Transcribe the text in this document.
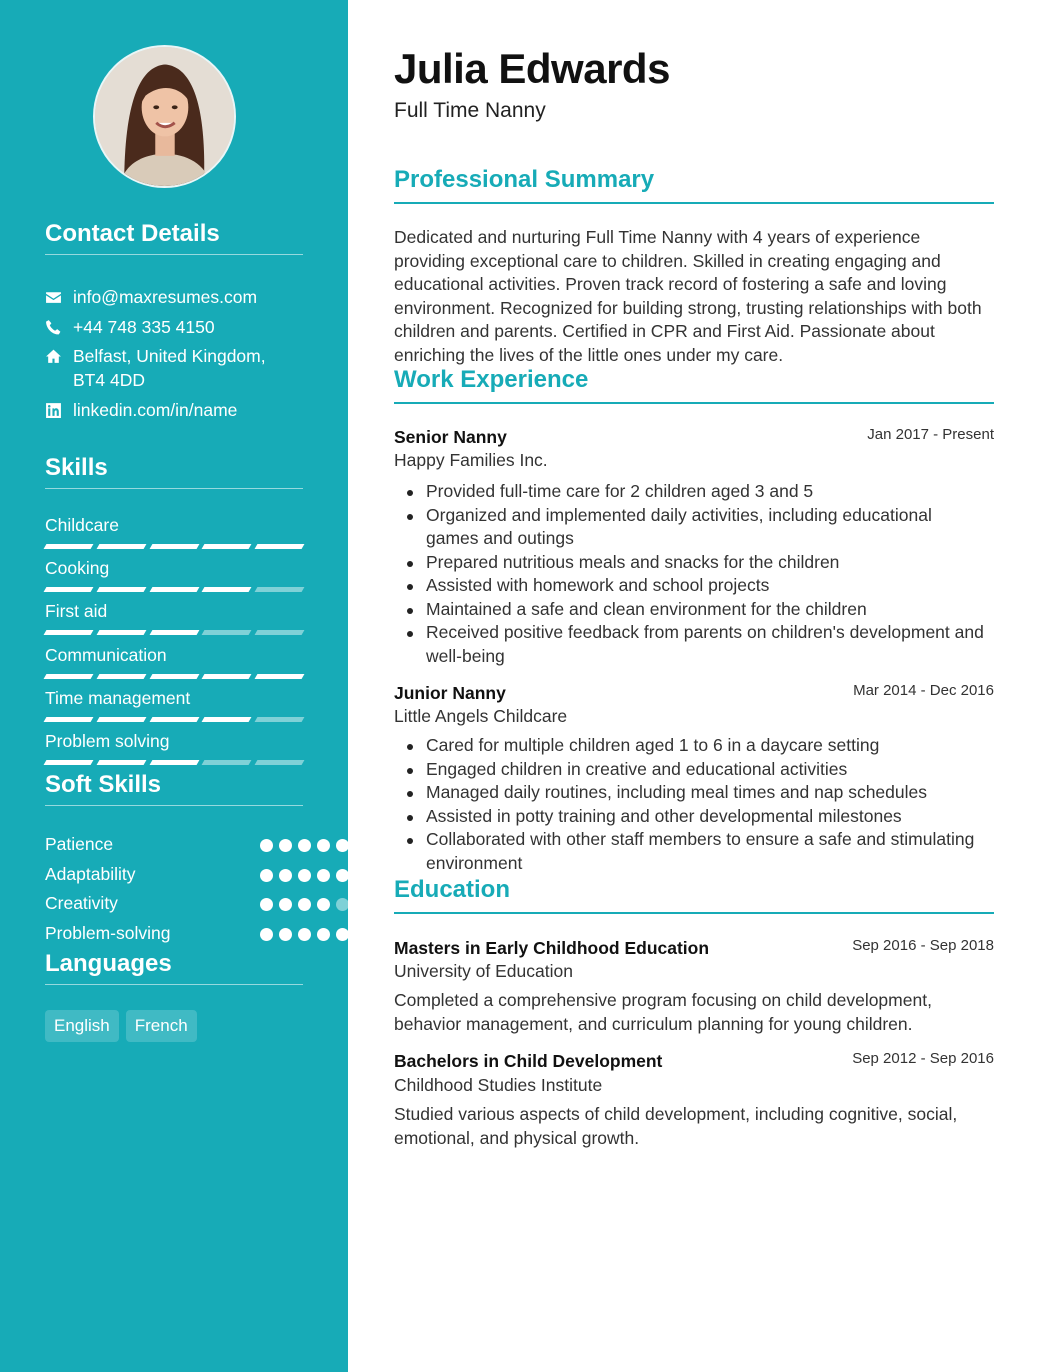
Contact Details
info@maxresumes.com
+44 748 335 4150
Belfast, United Kingdom,
BT4 4DD
linkedin.com/in/name
Skills
Childcare
Cooking
First aid
Communication
Time management
Problem solving
Soft Skills
Patience
Adaptability
Creativity
Problem-solving
Languages
English	French
Julia Edwards
Full Time Nanny
Professional Summary
Dedicated and nurturing Full Time Nanny with 4 years of experience providing exceptional care to children. Skilled in creating engaging and educational activities. Proven track record of fostering a safe and loving environment. Recognized for building strong, trusting relationships with both children and parents. Certified in CPR and First Aid. Passionate about enriching the lives of the little ones under my care.
Work Experience
Senior Nanny	Jan 2017 - Present
Happy Families Inc.
Provided full-time care for 2 children aged 3 and 5
Organized and implemented daily activities, including educational games and outings
Prepared nutritious meals and snacks for the children
Assisted with homework and school projects
Maintained a safe and clean environment for the children
Received positive feedback from parents on children's development and well-being
Junior Nanny	Mar 2014 - Dec 2016
Little Angels Childcare
Cared for multiple children aged 1 to 6 in a daycare setting
Engaged children in creative and educational activities
Managed daily routines, including meal times and nap schedules
Assisted in potty training and other developmental milestones
Collaborated with other staff members to ensure a safe and stimulating environment
Education
Masters in Early Childhood Education	Sep 2016 - Sep 2018
University of Education
Completed a comprehensive program focusing on child development, behavior management, and curriculum planning for young children.
Bachelors in Child Development	Sep 2012 - Sep 2016
Childhood Studies Institute
Studied various aspects of child development, including cognitive, social, emotional, and physical growth.
